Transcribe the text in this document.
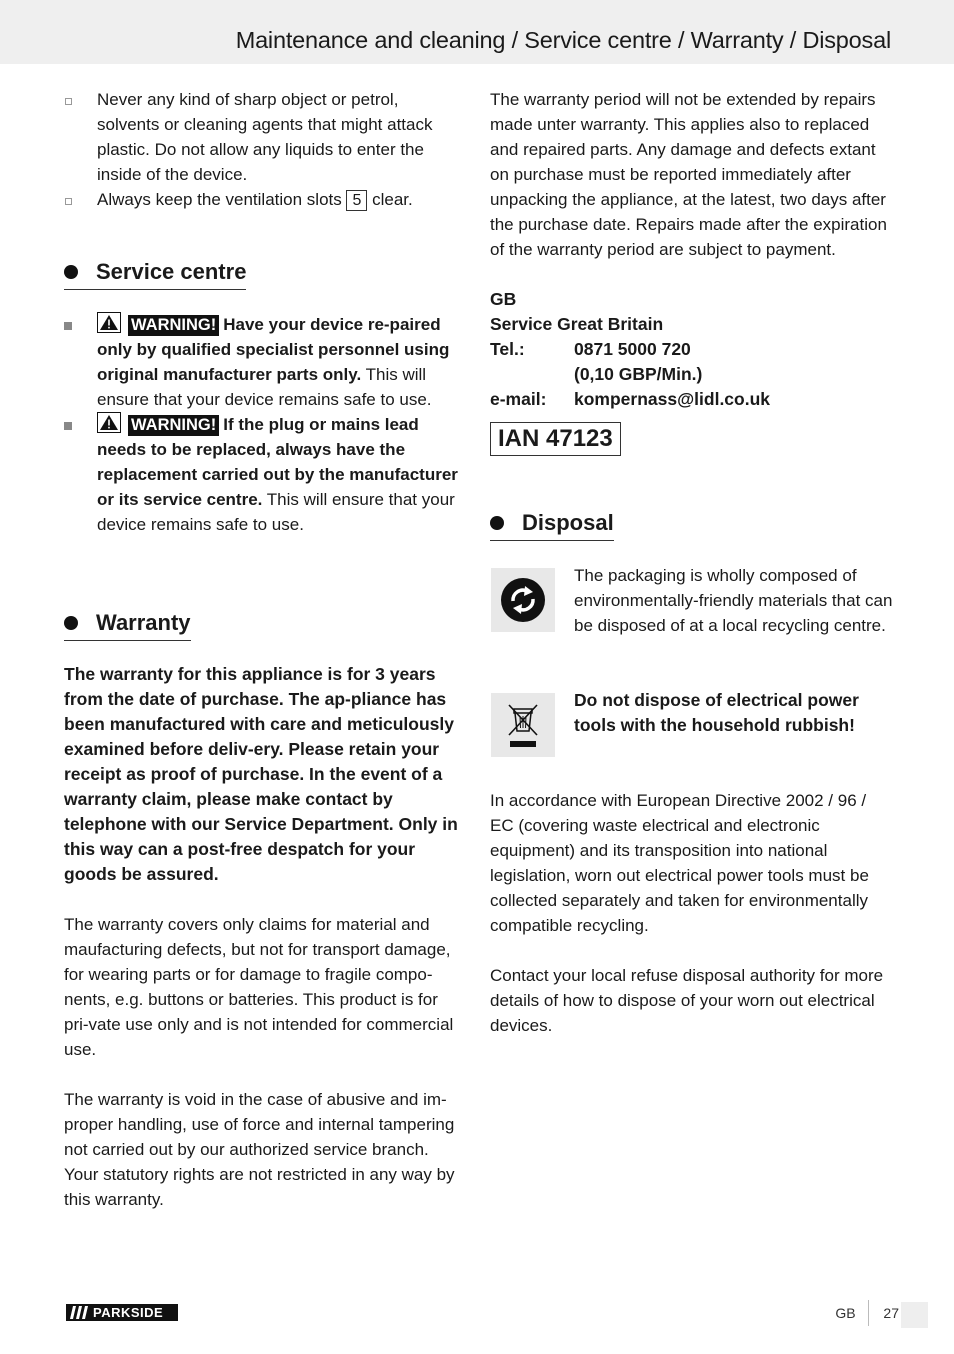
Maintenance and cleaning / Service centre / Warranty / Disposal
Never any kind of sharp object or petrol, solvents or cleaning agents that might attack plastic. Do not allow any liquids to enter the inside of the device.
Always keep the ventilation slots 5 clear.
Service centre
WARNING! Have your device re-paired only by qualified specialist personnel using original manufacturer parts only. This will ensure that your device remains safe to use.
WARNING! If the plug or mains lead needs to be replaced, always have the replacement carried out by the manufacturer or its service centre. This will ensure that your device remains safe to use.
Warranty

The warranty for this appliance is for 3 years from the date of purchase. The ap-pliance has been manufactured with care and meticulously examined before deliv-ery. Please retain your receipt as proof of purchase. In the event of a warranty claim, please make contact by telephone with our Service Department. Only in this way can a post-free despatch for your goods be assured.

The warranty covers only claims for material and maufacturing defects, but not for transport damage, for wearing parts or for damage to fragile compo-nents, e.g. buttons or batteries. This product is for pri-vate use only and is not intended for commercial use.

The warranty is void in the case of abusive and im-proper handling, use of force and internal tampering not carried out by our authorized service branch. Your statutory rights are not restricted in any way by this warranty.

The warranty period will not be extended by repairs made unter warranty. This applies also to replaced and repaired parts. Any damage and defects extant on purchase must be reported immediately after unpacking the appliance, at the latest, two days after the purchase date. Repairs made after the expiration of the warranty period are subject to payment.

GB
Service Great Britain
Tel.:	0871 5000 720
(0,10 GBP/Min.)
e-mail:	kompernass@lidl.co.uk
IAN 47123
Disposal

The packaging is wholly composed of environmentally-friendly materials that can be disposed of at a local recycling centre.

Do not dispose of electrical power tools with the household rubbish!

In accordance with European Directive 2002 / 96 / EC (covering waste electrical and electronic equipment) and its transposition into national legislation, worn out electrical power tools must be collected separately and taken for environmentally compatible recycling.

Contact your local refuse disposal authority for more details of how to dispose of your worn out electrical devices.

PARKSIDE	GB 27
